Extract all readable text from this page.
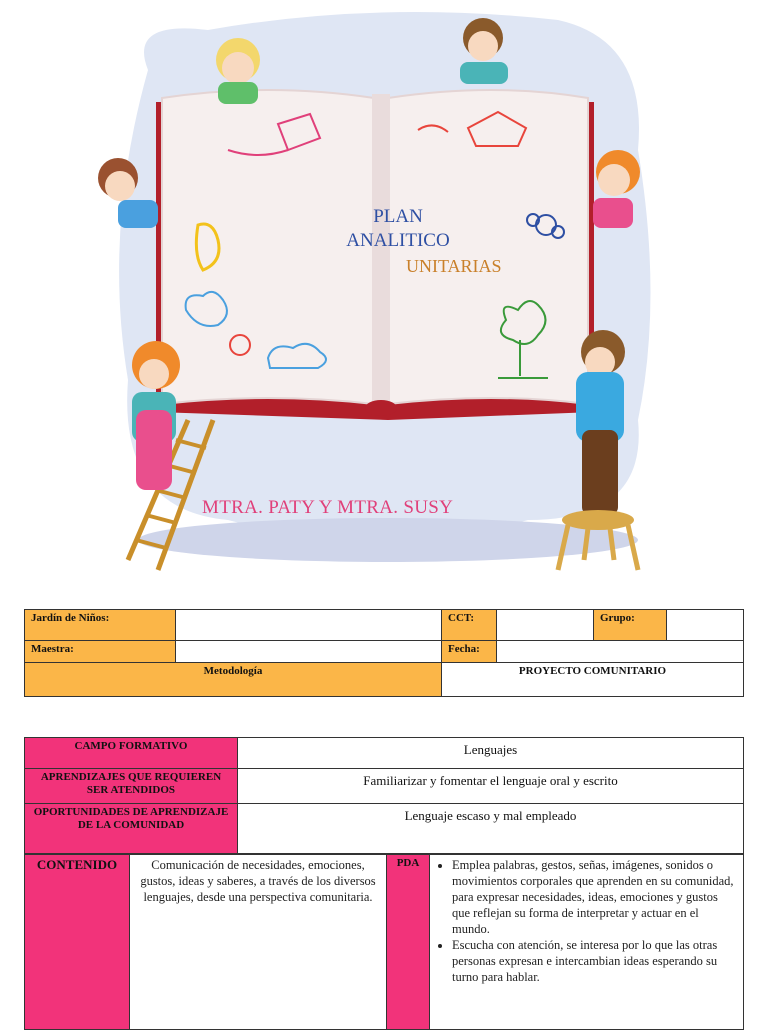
PLAN
ANALITICO
UNITARIAS
MTRA. PATY Y MTRA. SUSY
Jardín de Niños:		CCT:		Grupo:	
Maestra:		Fecha:			
Metodología		PROYECTO COMUNITARIO			
CAMPO FORMATIVO	Lenguajes
APRENDIZAJES QUE REQUIEREN SER ATENDIDOS	Familiarizar y fomentar el lenguaje oral y escrito
OPORTUNIDADES DE APRENDIZAJE DE LA COMUNIDAD	Lenguaje escaso y mal empleado
CONTENIDO	Comunicación de necesidades, emociones, gustos, ideas y saberes, a través de los diversos lenguajes, desde una perspectiva comunitaria.	PDA	
•Emplea palabras, gestos, señas, imágenes, sonidos o movimientos corporales que aprenden en su comunidad, para expresar necesidades, ideas, emociones y gustos que reflejan su forma de interpretar y actuar en el mundo.
• Escucha con atención, se interesa por lo que las otras personas expresan e intercambian ideas esperando su turno para hablar.
